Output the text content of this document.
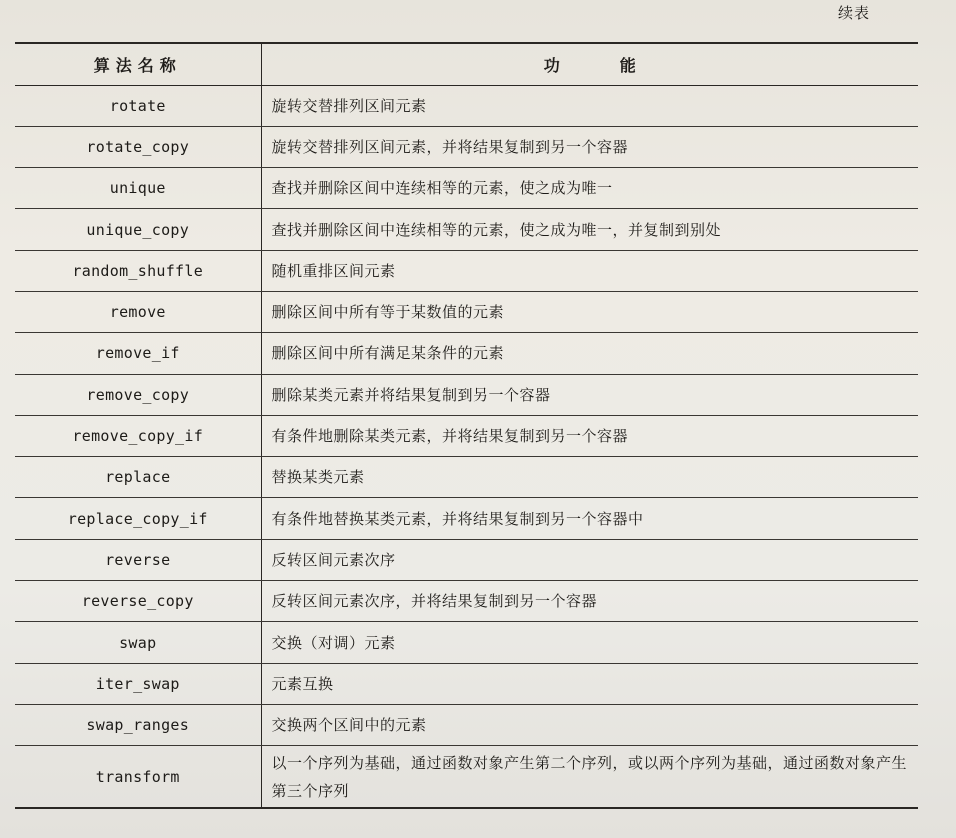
续表
算法名称	功能
rotate	旋转交替排列区间元素
rotate_copy	旋转交替排列区间元素，并将结果复制到另一个容器
unique	查找并删除区间中连续相等的元素，使之成为唯一
unique_copy	查找并删除区间中连续相等的元素，使之成为唯一，并复制到别处
random_shuffle	随机重排区间元素
remove	删除区间中所有等于某数值的元素
remove_if	删除区间中所有满足某条件的元素
remove_copy	删除某类元素并将结果复制到另一个容器
remove_copy_if	有条件地删除某类元素，并将结果复制到另一个容器
replace	替换某类元素
replace_copy_if	有条件地替换某类元素，并将结果复制到另一个容器中
reverse	反转区间元素次序
reverse_copy	反转区间元素次序，并将结果复制到另一个容器
swap	交换（对调）元素
iter_swap	元素互换
swap_ranges	交换两个区间中的元素
transform	以一个序列为基础，通过函数对象产生第二个序列，或以两个序列为基础，通过函数对象产生第三个序列
